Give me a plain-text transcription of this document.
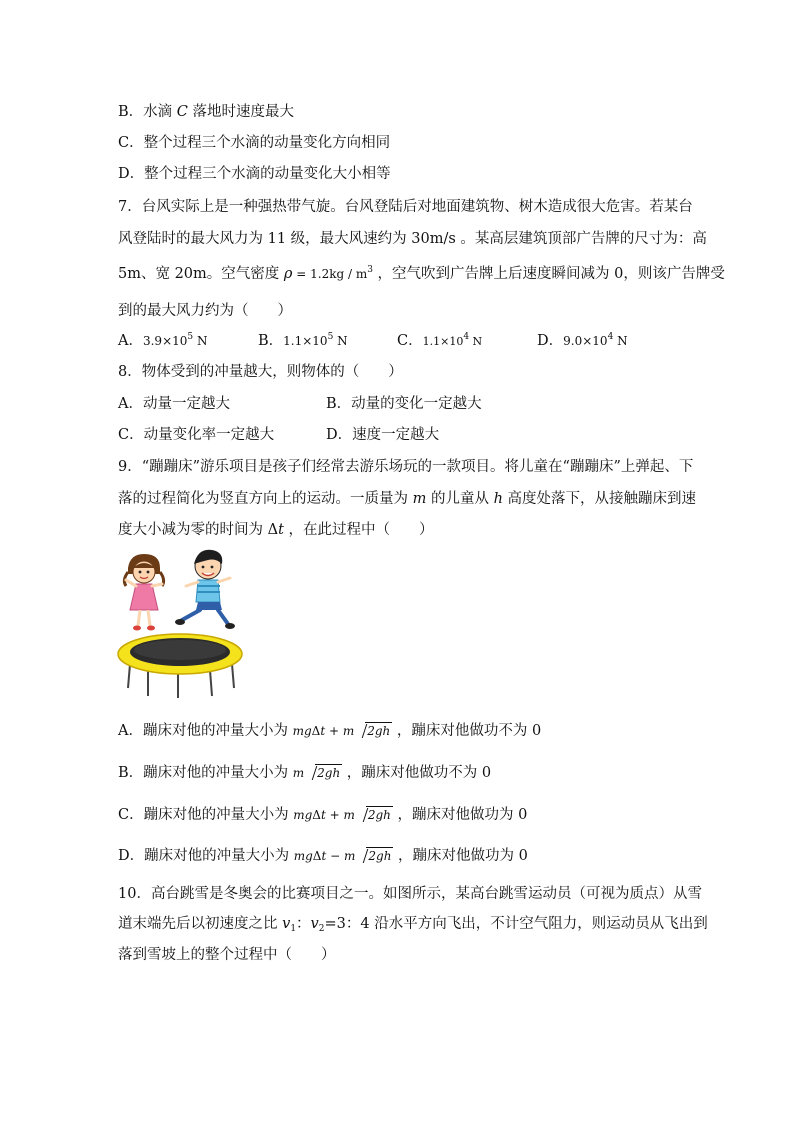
B．水滴 C 落地时速度最大
C．整个过程三个水滴的动量变化方向相同
D．整个过程三个水滴的动量变化大小相等
7．台风实际上是一种强热带气旋。台风登陆后对地面建筑物、树木造成很大危害。若某台
风登陆时的最大风力为 11 级，最大风速约为 30m/s 。某高层建筑顶部广告牌的尺寸为：高
5m、宽 20m。空气密度 $\rho = 1.2kg / m^3$ ，空气吹到广告牌上后速度瞬间减为 0，则该广告牌受
到的最大风力约为（　　）
A．$3.9\times 10^5$ N	B．$1.1\times 10^5$ N	C．$1.1\times 10^4$ N	D．$9.0\times 10^4$ N
8．物体受到的冲量越大，则物体的（　　）
A．动量一定越大	B．动量的变化一定越大
C．动量变化率一定越大	D．速度一定越大
9．“蹦蹦床”游乐项目是孩子们经常去游乐场玩的一款项目。将儿童在“蹦蹦床”上弹起、下
落的过程简化为竖直方向上的运动。一质量为 m 的儿童从 h 高度处落下，从接触蹦床到速
度大小减为零的时间为 Δt ，在此过程中（　　）
A．蹦床对他的冲量大小为 mgΔt + m 2gh ，蹦床对他做功不为 0
B．蹦床对他的冲量大小为 m 2gh ，蹦床对他做功不为 0
C．蹦床对他的冲量大小为 mgΔt + m 2gh ，蹦床对他做功为 0
D．蹦床对他的冲量大小为 mgΔt − m 2gh ，蹦床对他做功为 0
10．高台跳雪是冬奥会的比赛项目之一。如图所示，某高台跳雪运动员（可视为质点）从雪
道末端先后以初速度之比 $v_1$：$v_2=3$：4 沿水平方向飞出，不计空气阻力，则运动员从飞出到
落到雪坡上的整个过程中（　　）
